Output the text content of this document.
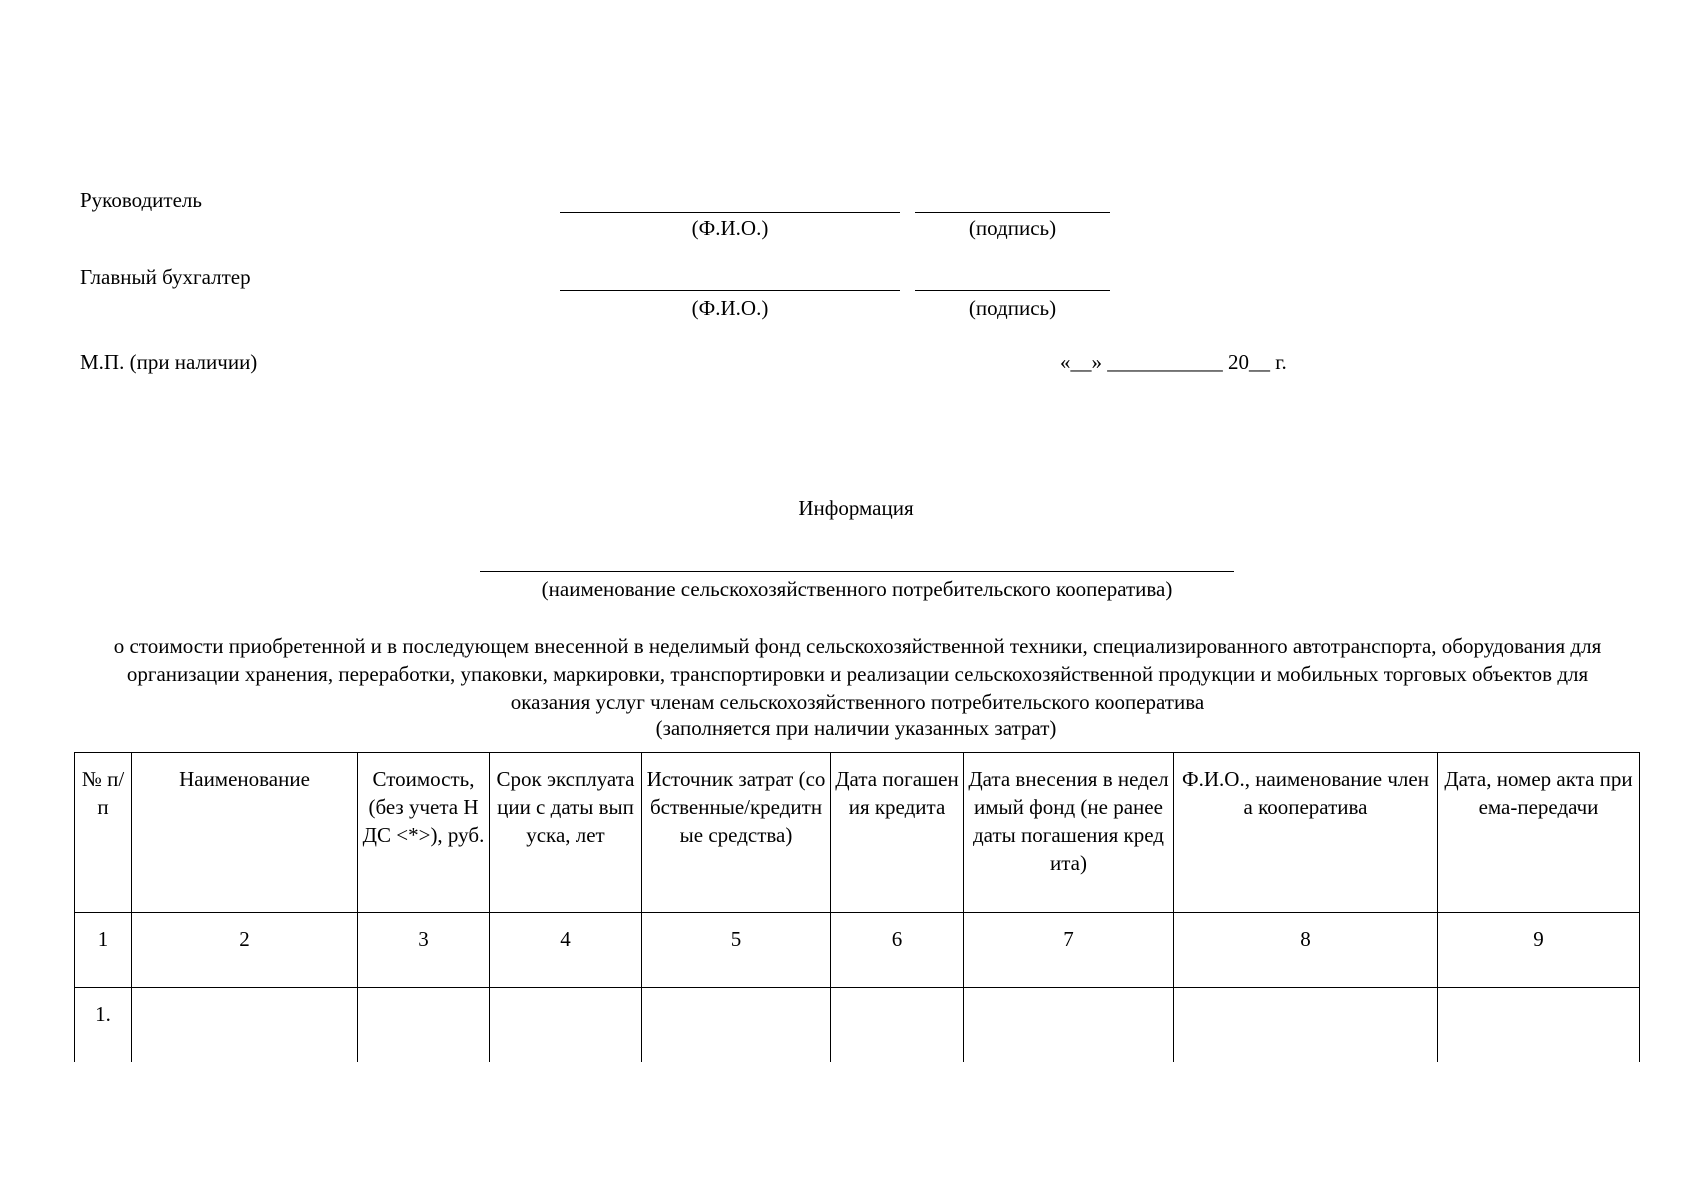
Руководитель
(Ф.И.О.)	(подпись)
Главный бухгалтер
(Ф.И.О.)	(подпись)
М.П. (при наличии)	«__» ___________ 20__ г.
Информация
(наименование сельскохозяйственного потребительского кооператива)
о стоимости приобретенной и в последующем внесенной в неделимый фонд сельскохозяйственной техники, специализированного автотранспорта, оборудования для организации хранения, переработки, упаковки, маркировки, транспортировки и реализации сельскохозяйственной продукции и мобильных торговых объектов для оказания услуг членам сельскохозяйственного потребительского кооператива
(заполняется при наличии указанных затрат)
№ п/п	Наименование	Стоимость, (без учета НДС <*>), руб.	Срок эксплуатации с даты выпуска, лет	Источник затрат (собственные/кредитные средства)	Дата погашения кредита	Дата внесения в неделимый фонд (не ранее даты погашения кредита)	Ф.И.О., наименование члена кооператива	Дата, номер акта приема-передачи
1	2	3	4	5	6	7	8	9
1.								
